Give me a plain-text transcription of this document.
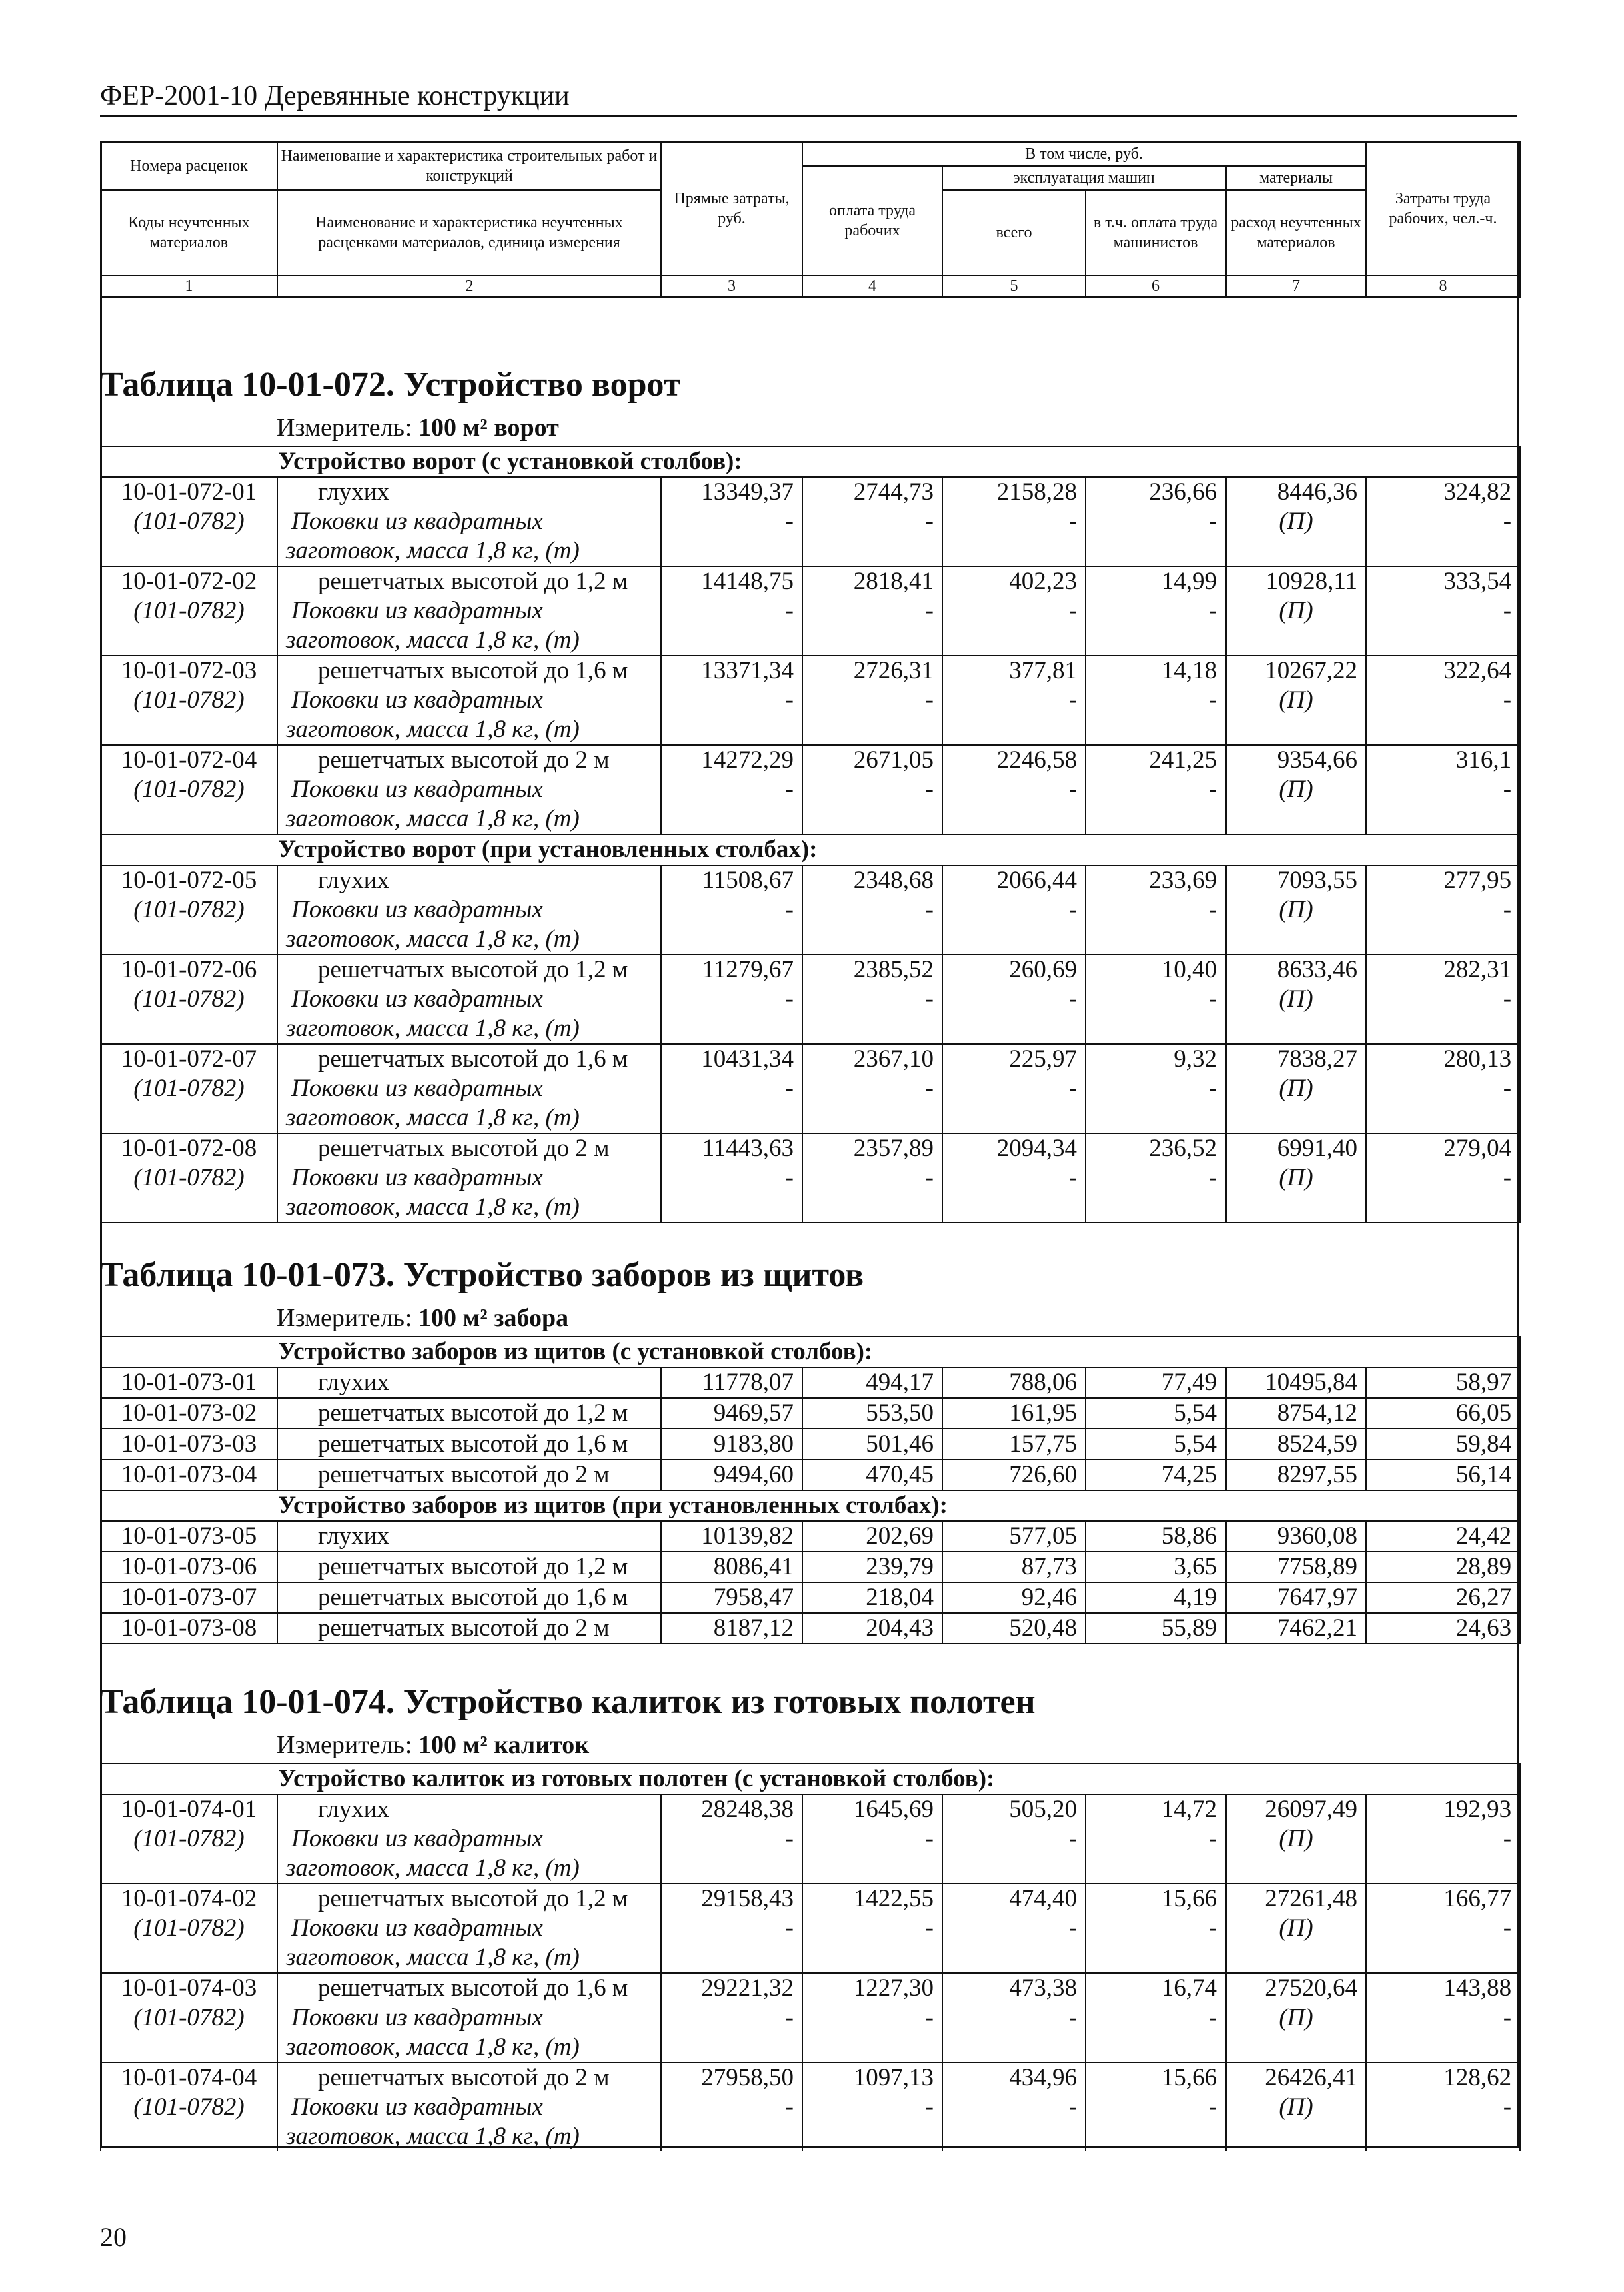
ФЕР-2001-10 Деревянные конструкции
Номера расценок	Наименование и характеристика строительных работ и конструкций	Прямые затраты, руб.	В том числе, руб.				Затраты труда рабочих, чел.-ч.
			оплата труда рабочих	эксплуатация машин		материалы	
Коды неучтенных материалов	Наименование и характеристика неучтенных расценками материалов, единица измерения			всего	в т.ч. оплата труда машинистов	расход неучтенных материалов	

1	2	3	4	5	6	7	8
Таблица 10-01-072. Устройство ворот
Измеритель: 100 м² ворот
Устройство ворот (с установкой столбов):							
10-01-072-01	глухих	13349,37	2744,73	2158,28	236,66	8446,36	324,82
(101-0782)	Поковки из квадратных	-	-	-	-	(П)	-
	заготовок, масса 1,8 кг, (т)						
10-01-072-02	решетчатых высотой до 1,2 м	14148,75	2818,41	402,23	14,99	10928,11	333,54
(101-0782)	Поковки из квадратных	-	-	-	-	(П)	-
	заготовок, масса 1,8 кг, (т)						
10-01-072-03	решетчатых высотой до 1,6 м	13371,34	2726,31	377,81	14,18	10267,22	322,64
(101-0782)	Поковки из квадратных	-	-	-	-	(П)	-
	заготовок, масса 1,8 кг, (т)						
10-01-072-04	решетчатых высотой до 2 м	14272,29	2671,05	2246,58	241,25	9354,66	316,1
(101-0782)	Поковки из квадратных	-	-	-	-	(П)	-
	заготовок, масса 1,8 кг, (т)						
Устройство ворот (при установленных столбах):							
10-01-072-05	глухих	11508,67	2348,68	2066,44	233,69	7093,55	277,95
(101-0782)	Поковки из квадратных	-	-	-	-	(П)	-
	заготовок, масса 1,8 кг, (т)						
10-01-072-06	решетчатых высотой до 1,2 м	11279,67	2385,52	260,69	10,40	8633,46	282,31
(101-0782)	Поковки из квадратных	-	-	-	-	(П)	-
	заготовок, масса 1,8 кг, (т)						
10-01-072-07	решетчатых высотой до 1,6 м	10431,34	2367,10	225,97	9,32	7838,27	280,13
(101-0782)	Поковки из квадратных	-	-	-	-	(П)	-
	заготовок, масса 1,8 кг, (т)						
10-01-072-08	решетчатых высотой до 2 м	11443,63	2357,89	2094,34	236,52	6991,40	279,04
(101-0782)	Поковки из квадратных	-	-	-	-	(П)	-
	заготовок, масса 1,8 кг, (т)						
Таблица 10-01-073. Устройство заборов из щитов
Измеритель: 100 м² забора
Устройство заборов из щитов (с установкой столбов):							
10-01-073-01	глухих	11778,07	494,17	788,06	77,49	10495,84	58,97
10-01-073-02	решетчатых высотой до 1,2 м	9469,57	553,50	161,95	5,54	8754,12	66,05
10-01-073-03	решетчатых высотой до 1,6 м	9183,80	501,46	157,75	5,54	8524,59	59,84
10-01-073-04	решетчатых высотой до 2 м	9494,60	470,45	726,60	74,25	8297,55	56,14
Устройство заборов из щитов (при установленных столбах):							
10-01-073-05	глухих	10139,82	202,69	577,05	58,86	9360,08	24,42
10-01-073-06	решетчатых высотой до 1,2 м	8086,41	239,79	87,73	3,65	7758,89	28,89
10-01-073-07	решетчатых высотой до 1,6 м	7958,47	218,04	92,46	4,19	7647,97	26,27
10-01-073-08	решетчатых высотой до 2 м	8187,12	204,43	520,48	55,89	7462,21	24,63
Таблица 10-01-074. Устройство калиток из готовых полотен
Измеритель: 100 м² калиток
Устройство калиток из готовых полотен (с установкой столбов):							
10-01-074-01	глухих	28248,38	1645,69	505,20	14,72	26097,49	192,93
(101-0782)	Поковки из квадратных	-	-	-	-	(П)	-
	заготовок, масса 1,8 кг, (т)						
10-01-074-02	решетчатых высотой до 1,2 м	29158,43	1422,55	474,40	15,66	27261,48	166,77
(101-0782)	Поковки из квадратных	-	-	-	-	(П)	-
	заготовок, масса 1,8 кг, (т)						
10-01-074-03	решетчатых высотой до 1,6 м	29221,32	1227,30	473,38	16,74	27520,64	143,88
(101-0782)	Поковки из квадратных	-	-	-	-	(П)	-
	заготовок, масса 1,8 кг, (т)						
10-01-074-04	решетчатых высотой до 2 м	27958,50	1097,13	434,96	15,66	26426,41	128,62
(101-0782)	Поковки из квадратных	-	-	-	-	(П)	-
	заготовок, масса 1,8 кг, (т)						
20
